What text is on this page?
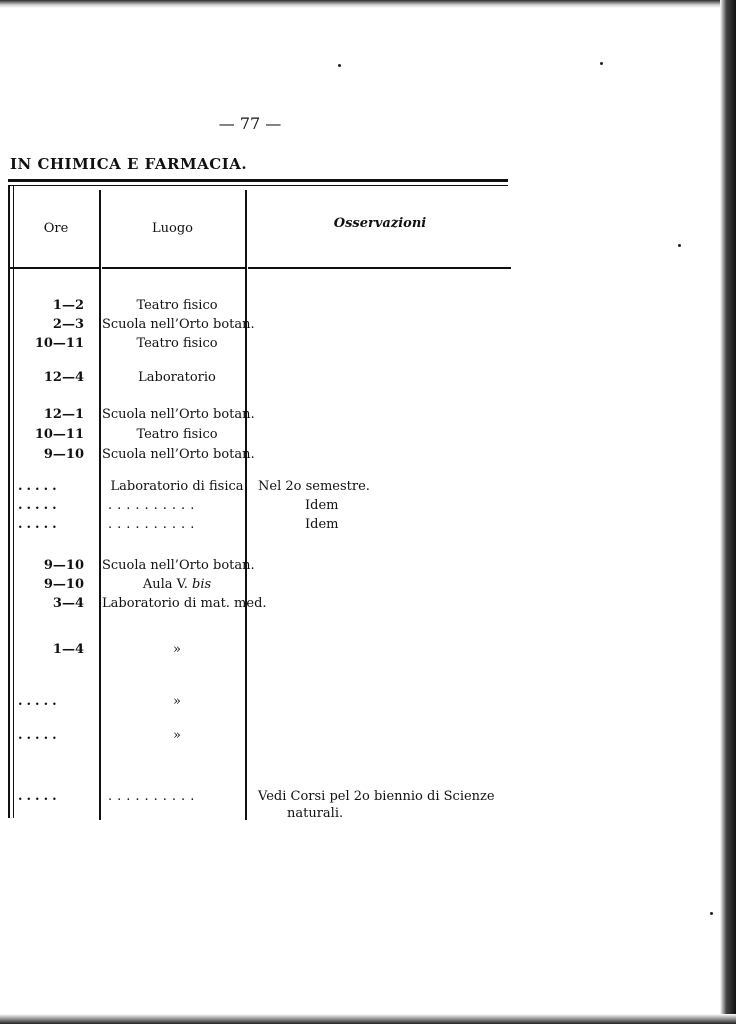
— 77 —
IN CHIMICA E FARMACIA.
Ore	Luogo	Osservazioni
1—2	Teatro fisico
2—3 Scuola nell’Orto botan.
10—11	Teatro fisico
12—4	Laboratorio
12—1 Scuola nell’Orto botan.
10—11	Teatro fisico
9—10 Scuola nell’Orto botan.
.....	Laboratorio di fisica	Nel 2o semestre.
.....	..........	Idem
.....	..........	Idem
9—10 Scuola nell’Orto botan.
9—10	Aula V. bis
3—4 Laboratorio di mat. med.
1—4	»
.....	»
.....	»
.....	..........	Vedi Corsi pel 2o biennio di Scienze
naturali.
